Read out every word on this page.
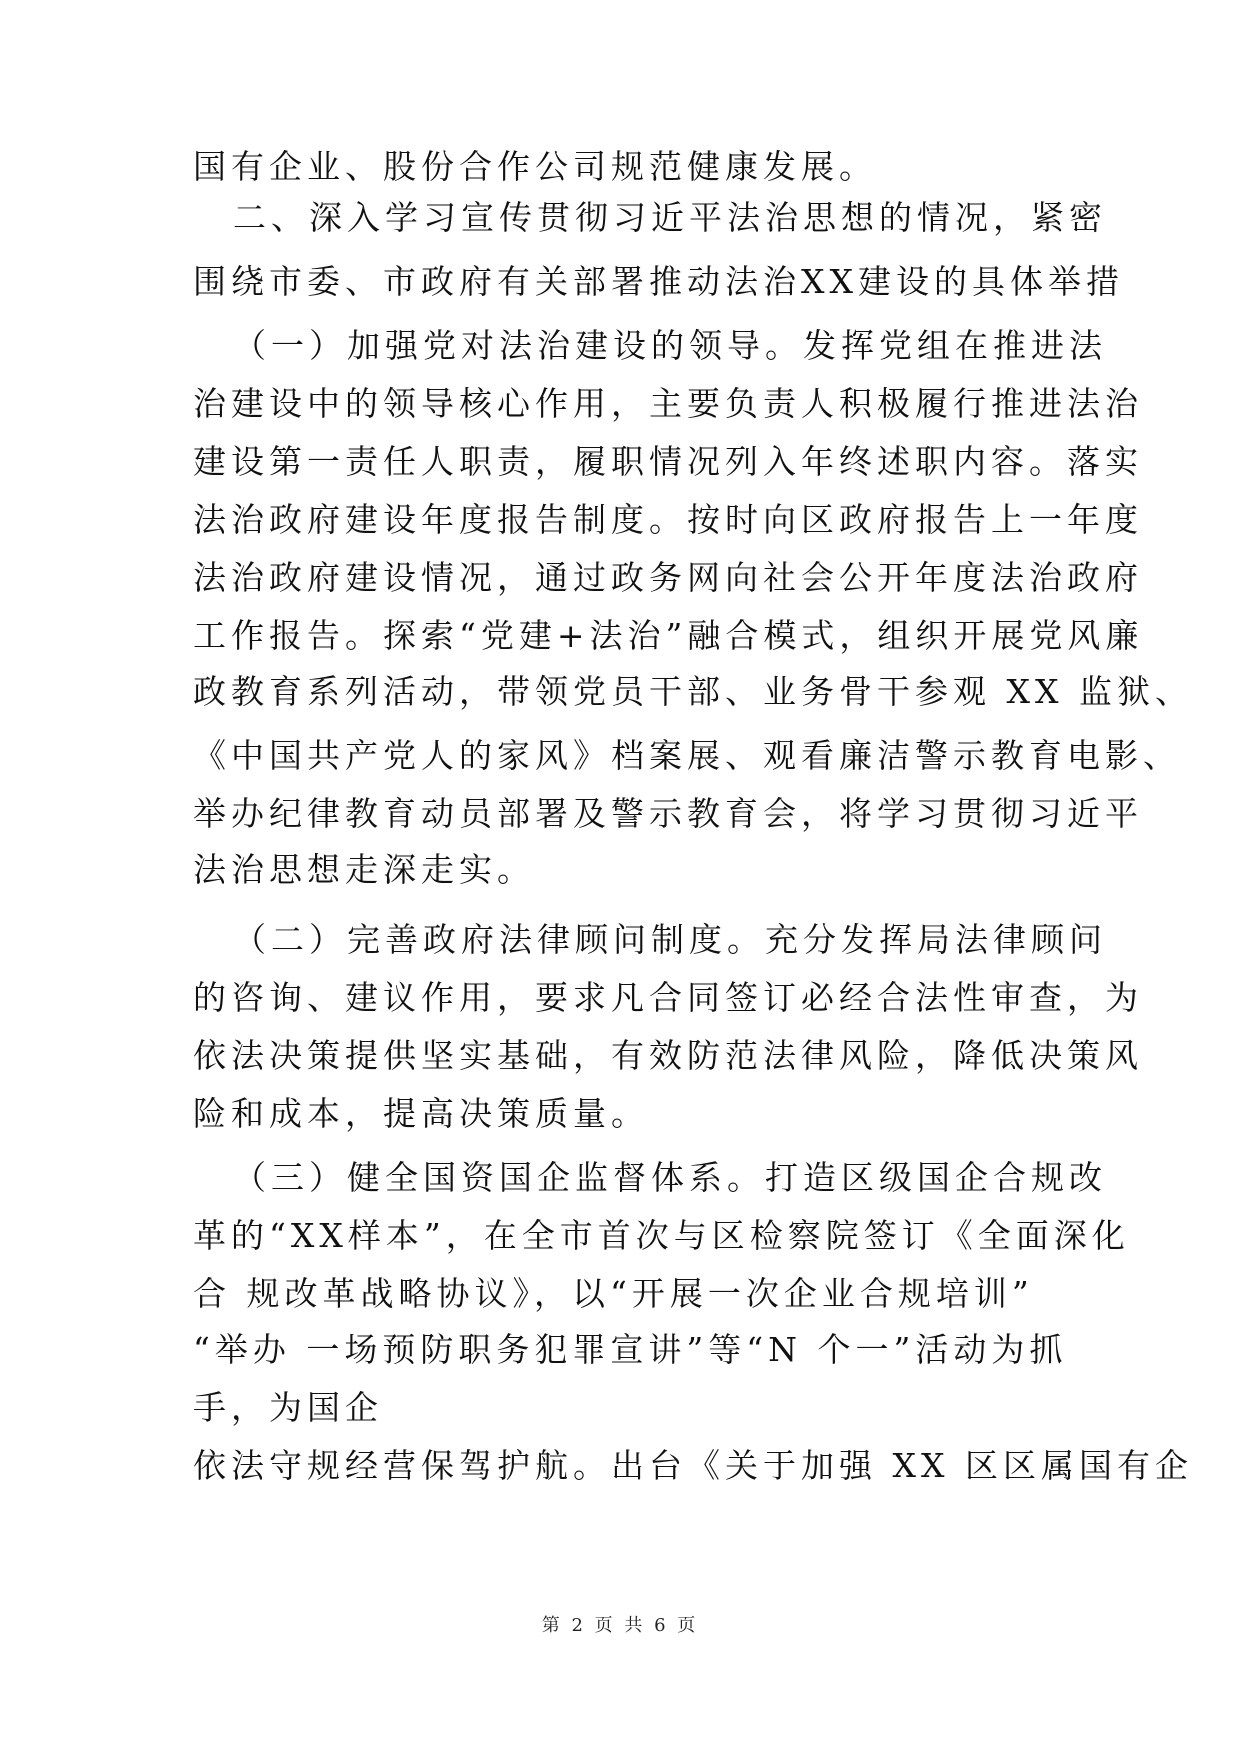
国有企业、股份合作公司规范健康发展。
二、深入学习宣传贯彻习近平法治思想的情况，紧密
围绕市委、市政府有关部署推动法治XX建设的具体举措
（一）加强党对法治建设的领导。发挥党组在推进法
治建设中的领导核心作用，主要负责人积极履行推进法治
建设第一责任人职责，履职情况列入年终述职内容。落实
法治政府建设年度报告制度。按时向区政府报告上一年度
法治政府建设情况，通过政务网向社会公开年度法治政府
工作报告。探索“党建+法治”融合模式，组织开展党风廉
政教育系列活动，带领党员干部、业务骨干参观 XX 监狱、
《中国共产党人的家风》档案展、观看廉洁警示教育电影、
举办纪律教育动员部署及警示教育会，将学习贯彻习近平
法治思想走深走实。
（二）完善政府法律顾问制度。充分发挥局法律顾问
的咨询、建议作用，要求凡合同签订必经合法性审查，为
依法决策提供坚实基础，有效防范法律风险，降低决策风
险和成本，提高决策质量。
（三）健全国资国企监督体系。打造区级国企合规改
革的“XX样本”，在全市首次与区检察院签订《全面深化
合 规改革战略协议》，以“开展一次企业合规培训”
“举办 一场预防职务犯罪宣讲”等“N 个一”活动为抓
手，为国企
依法守规经营保驾护航。出台《关于加强 XX 区区属国有企
第 2 页 共 6 页
